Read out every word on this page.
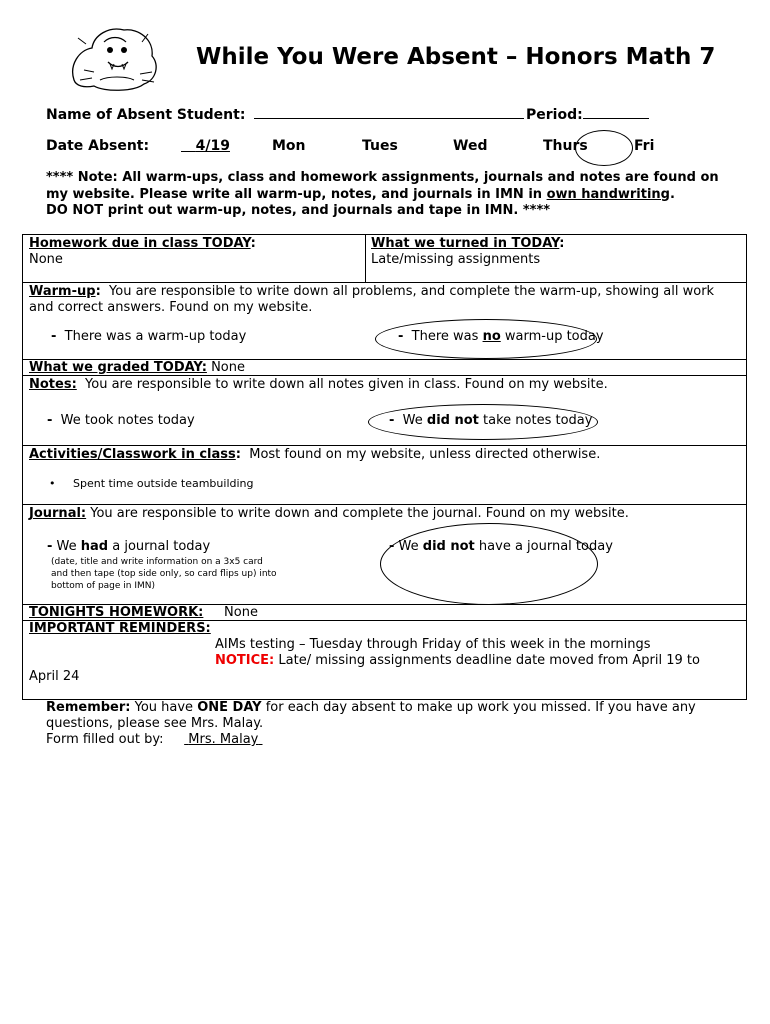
While You Were Absent – Honors Math 7
Name of Absent Student:	Period:
Date Absent:	4/19	Mon	Tues	Wed	Thurs	Fri
**** Note: All warm-ups, class and homework assignments, journals and notes are found on my website. Please write all warm-up, notes, and journals in IMN in own handwriting.
DO NOT print out warm-up, notes, and journals and tape in IMN. ****
Homework due in class TODAY:
None
What we turned in TODAY:
Late/missing assignments
Warm-up: You are responsible to write down all problems, and complete the warm-up, showing all work and correct answers. Found on my website.
- There was a warm-up today	- There was no warm-up today
What we graded TODAY: None
Notes: You are responsible to write down all notes given in class. Found on my website.
- We took notes today	- We did not take notes today
Activities/Classwork in class: Most found on my website, unless directed otherwise.
• Spent time outside teambuilding
Journal: You are responsible to write down and complete the journal. Found on my website.
- We had a journal today
(date, title and write information on a 3x5 card
and then tape (top side only, so card flips up) into
bottom of page in IMN)
- We did not have a journal today
TONIGHTS HOMEWORK: None
IMPORTANT REMINDERS:
AIMs testing – Tuesday through Friday of this week in the mornings
NOTICE: Late/ missing assignments deadline date moved from April 19 to
April 24
Remember: You have ONE DAY for each day absent to make up work you missed. If you have any questions, please see Mrs. Malay.
Form filled out by: Mrs. Malay
